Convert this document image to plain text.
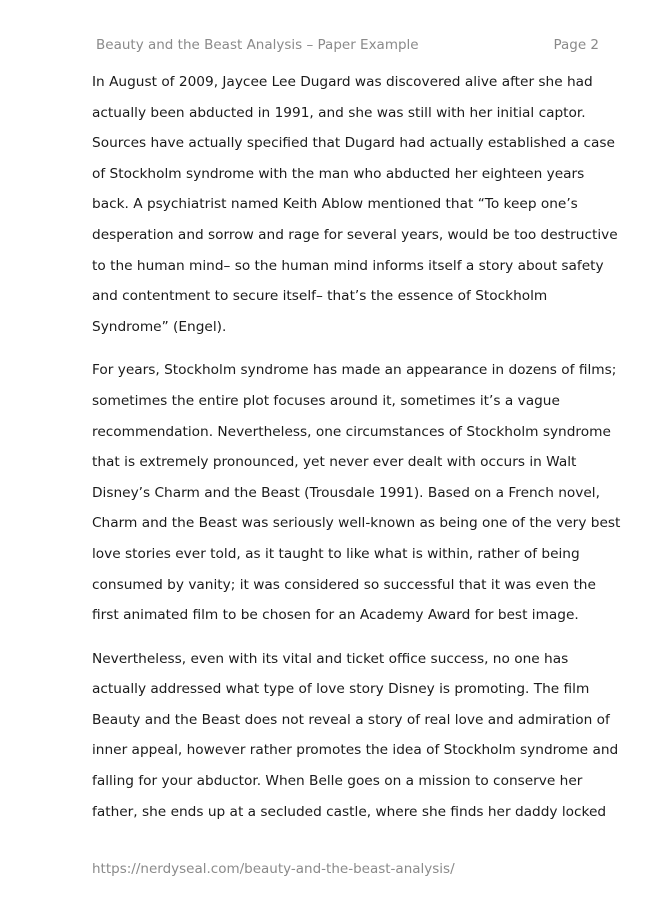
Beauty and the Beast Analysis – Paper Example	Page 2

In August of 2009, Jaycee Lee Dugard was discovered alive after she had
actually been abducted in 1991, and she was still with her initial captor.
Sources have actually specified that Dugard had actually established a case
of Stockholm syndrome with the man who abducted her eighteen years
back. A psychiatrist named Keith Ablow mentioned that “To keep one’s
desperation and sorrow and rage for several years, would be too destructive
to the human mind– so the human mind informs itself a story about safety
and contentment to secure itself– that’s the essence of Stockholm
Syndrome” (Engel).

For years, Stockholm syndrome has made an appearance in dozens of films;
sometimes the entire plot focuses around it, sometimes it’s a vague
recommendation. Nevertheless, one circumstances of Stockholm syndrome
that is extremely pronounced, yet never ever dealt with occurs in Walt
Disney’s Charm and the Beast (Trousdale 1991). Based on a French novel,
Charm and the Beast was seriously well-known as being one of the very best
love stories ever told, as it taught to like what is within, rather of being
consumed by vanity; it was considered so successful that it was even the
first animated film to be chosen for an Academy Award for best image.

Nevertheless, even with its vital and ticket office success, no one has
actually addressed what type of love story Disney is promoting. The film
Beauty and the Beast does not reveal a story of real love and admiration of
inner appeal, however rather promotes the idea of Stockholm syndrome and
falling for your abductor. When Belle goes on a mission to conserve her
father, she ends up at a secluded castle, where she finds her daddy locked

https://nerdyseal.com/beauty-and-the-beast-analysis/
